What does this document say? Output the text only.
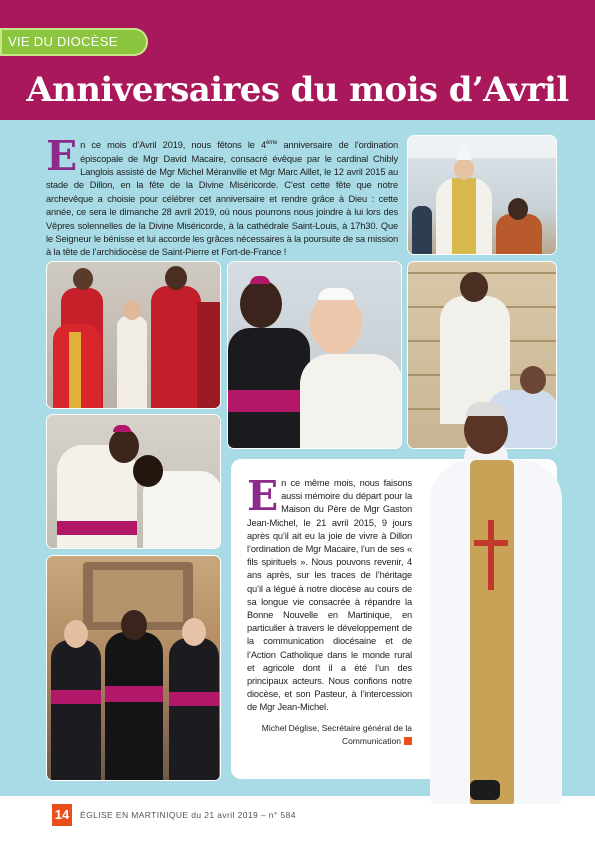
VIE DU DIOCÈSE
Anniversaires du mois d’Avril
En ce mois d’Avril 2019, nous fêtons le 4ème anniversaire de l’ordination épiscopale de Mgr David Macaire, consacré évêque par le cardinal Chibly Langlois assisté de Mgr Michel Méranville et Mgr Marc Aillet, le 12 avril 2015 au stade de Dillon, en la fête de la Divine Miséricorde. C’est cette fête que notre archevêque a choisie pour célébrer cet anniversaire et rendre grâce à Dieu : cette année, ce sera le dimanche 28 avril 2019, où nous pourrons nous joindre à lui lors des Vêpres solennelles de la Divine Miséricorde, à la cathédrale Saint-Louis, à 17h30. Que le Seigneur le bénisse et lui accorde les grâces nécessaires à la poursuite de sa mission à la tête de l’archidiocèse de Saint-Pierre et Fort-de-France !
En ce même mois, nous faisons aussi mémoire du départ pour la Maison du Père de Mgr Gaston Jean-Michel, le 21 avril 2015, 9 jours après qu’il ait eu la joie de vivre à Dillon l’ordination de Mgr Macaire, l’un de ses « fils spirituels ». Nous pouvons revenir, 4 ans après, sur les traces de l’héritage qu’il a légué à notre diocèse au cours de sa longue vie consacrée à répandre la Bonne Nouvelle en Martinique, en particulier à travers le développement de la communication diocésaine et de l’Action Catholique dans le monde rural et agricole dont il a été l’un des principaux acteurs. Nous confions notre diocèse, et son Pasteur, à l’intercession de Mgr Jean-Michel.
Michel Déglise, Secrétaire général de la Communication
14	ÉGLISE EN MARTINIQUE du 21 avril 2019 – n° 584
